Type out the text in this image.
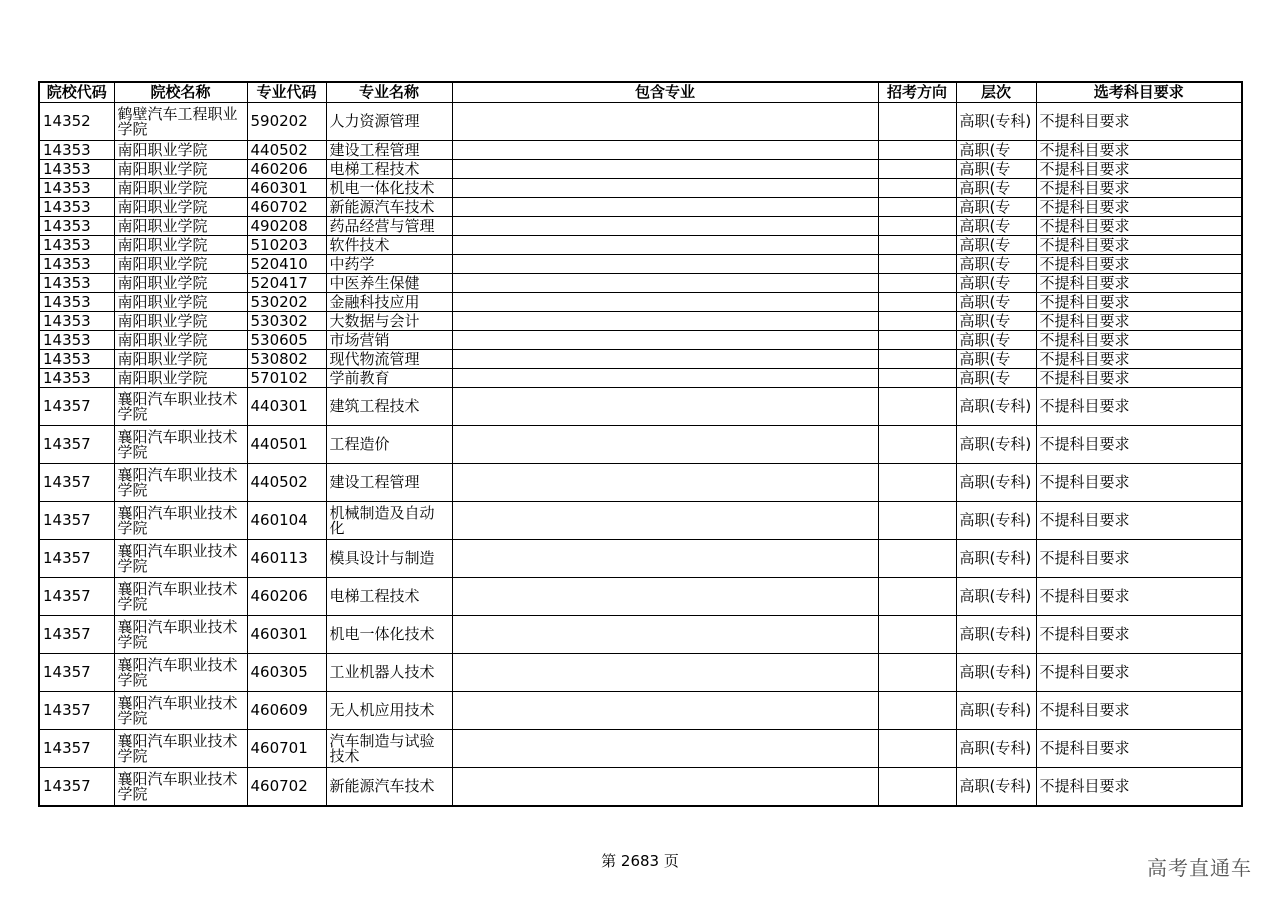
院校代码	院校名称	专业代码	专业名称	包含专业	招考方向	层次	选考科目要求
14352	鹤壁汽车工程职业学院	590202	人力资源管理			高职(专科)	不提科目要求
14353	南阳职业学院	440502	建设工程管理			高职(专	不提科目要求
14353	南阳职业学院	460206	电梯工程技术			高职(专	不提科目要求
14353	南阳职业学院	460301	机电一体化技术			高职(专	不提科目要求
14353	南阳职业学院	460702	新能源汽车技术			高职(专	不提科目要求
14353	南阳职业学院	490208	药品经营与管理			高职(专	不提科目要求
14353	南阳职业学院	510203	软件技术			高职(专	不提科目要求
14353	南阳职业学院	520410	中药学			高职(专	不提科目要求
14353	南阳职业学院	520417	中医养生保健			高职(专	不提科目要求
14353	南阳职业学院	530202	金融科技应用			高职(专	不提科目要求
14353	南阳职业学院	530302	大数据与会计			高职(专	不提科目要求
14353	南阳职业学院	530605	市场营销			高职(专	不提科目要求
14353	南阳职业学院	530802	现代物流管理			高职(专	不提科目要求
14353	南阳职业学院	570102	学前教育			高职(专	不提科目要求
14357	襄阳汽车职业技术学院	440301	建筑工程技术			高职(专科)	不提科目要求
14357	襄阳汽车职业技术学院	440501	工程造价			高职(专科)	不提科目要求
14357	襄阳汽车职业技术学院	440502	建设工程管理			高职(专科)	不提科目要求
14357	襄阳汽车职业技术学院	460104	机械制造及自动化			高职(专科)	不提科目要求
14357	襄阳汽车职业技术学院	460113	模具设计与制造			高职(专科)	不提科目要求
14357	襄阳汽车职业技术学院	460206	电梯工程技术			高职(专科)	不提科目要求
14357	襄阳汽车职业技术学院	460301	机电一体化技术			高职(专科)	不提科目要求
14357	襄阳汽车职业技术学院	460305	工业机器人技术			高职(专科)	不提科目要求
14357	襄阳汽车职业技术学院	460609	无人机应用技术			高职(专科)	不提科目要求
14357	襄阳汽车职业技术学院	460701	汽车制造与试验技术			高职(专科)	不提科目要求
14357	襄阳汽车职业技术学院	460702	新能源汽车技术			高职(专科)	不提科目要求
第 2683 页	高考直通车
